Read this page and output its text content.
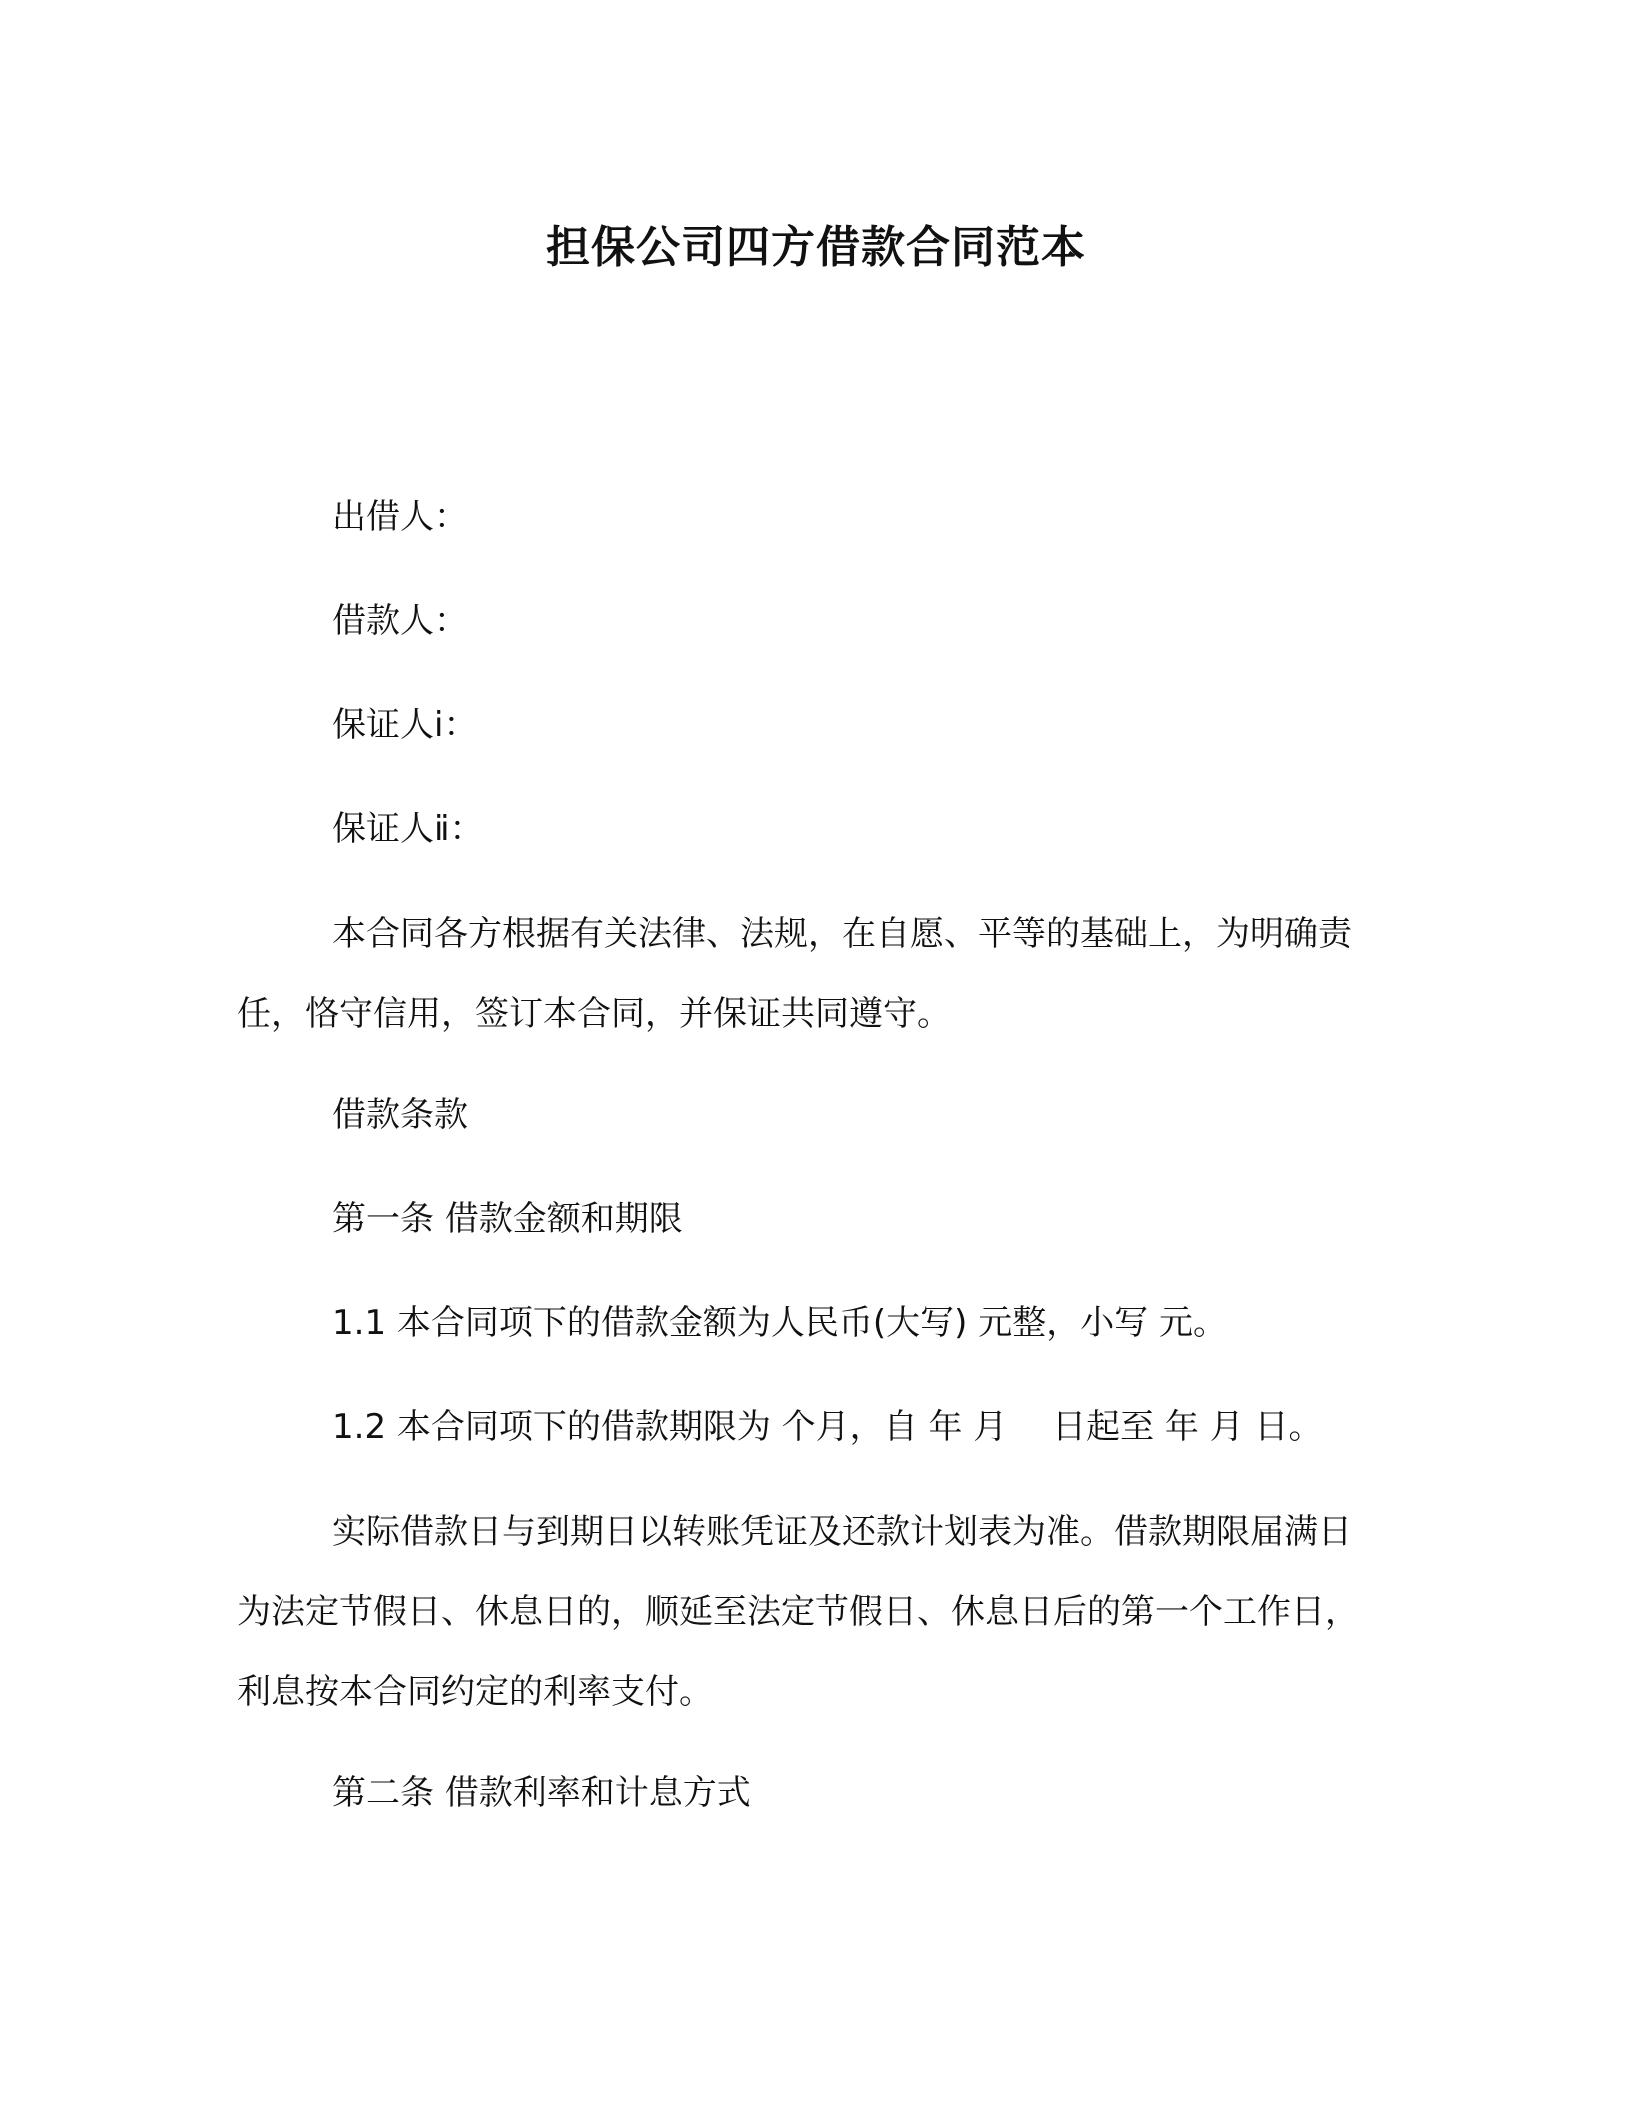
担保公司四方借款合同范本
出借人：
借款人：
保证人ⅰ：
保证人ⅱ：
本合同各方根据有关法律、法规，在自愿、平等的基础上，为明确责任，恪守信用，签订本合同，并保证共同遵守。
借款条款
第一条 借款金额和期限
1.1 本合同项下的借款金额为人民币(大写) 元整，小写 元。
1.2 本合同项下的借款期限为 个月，自 年 月 　日起至 年 月 日。
实际借款日与到期日以转账凭证及还款计划表为准。借款期限届满日为法定节假日、休息日的，顺延至法定节假日、休息日后的第一个工作日，利息按本合同约定的利率支付。
第二条 借款利率和计息方式
